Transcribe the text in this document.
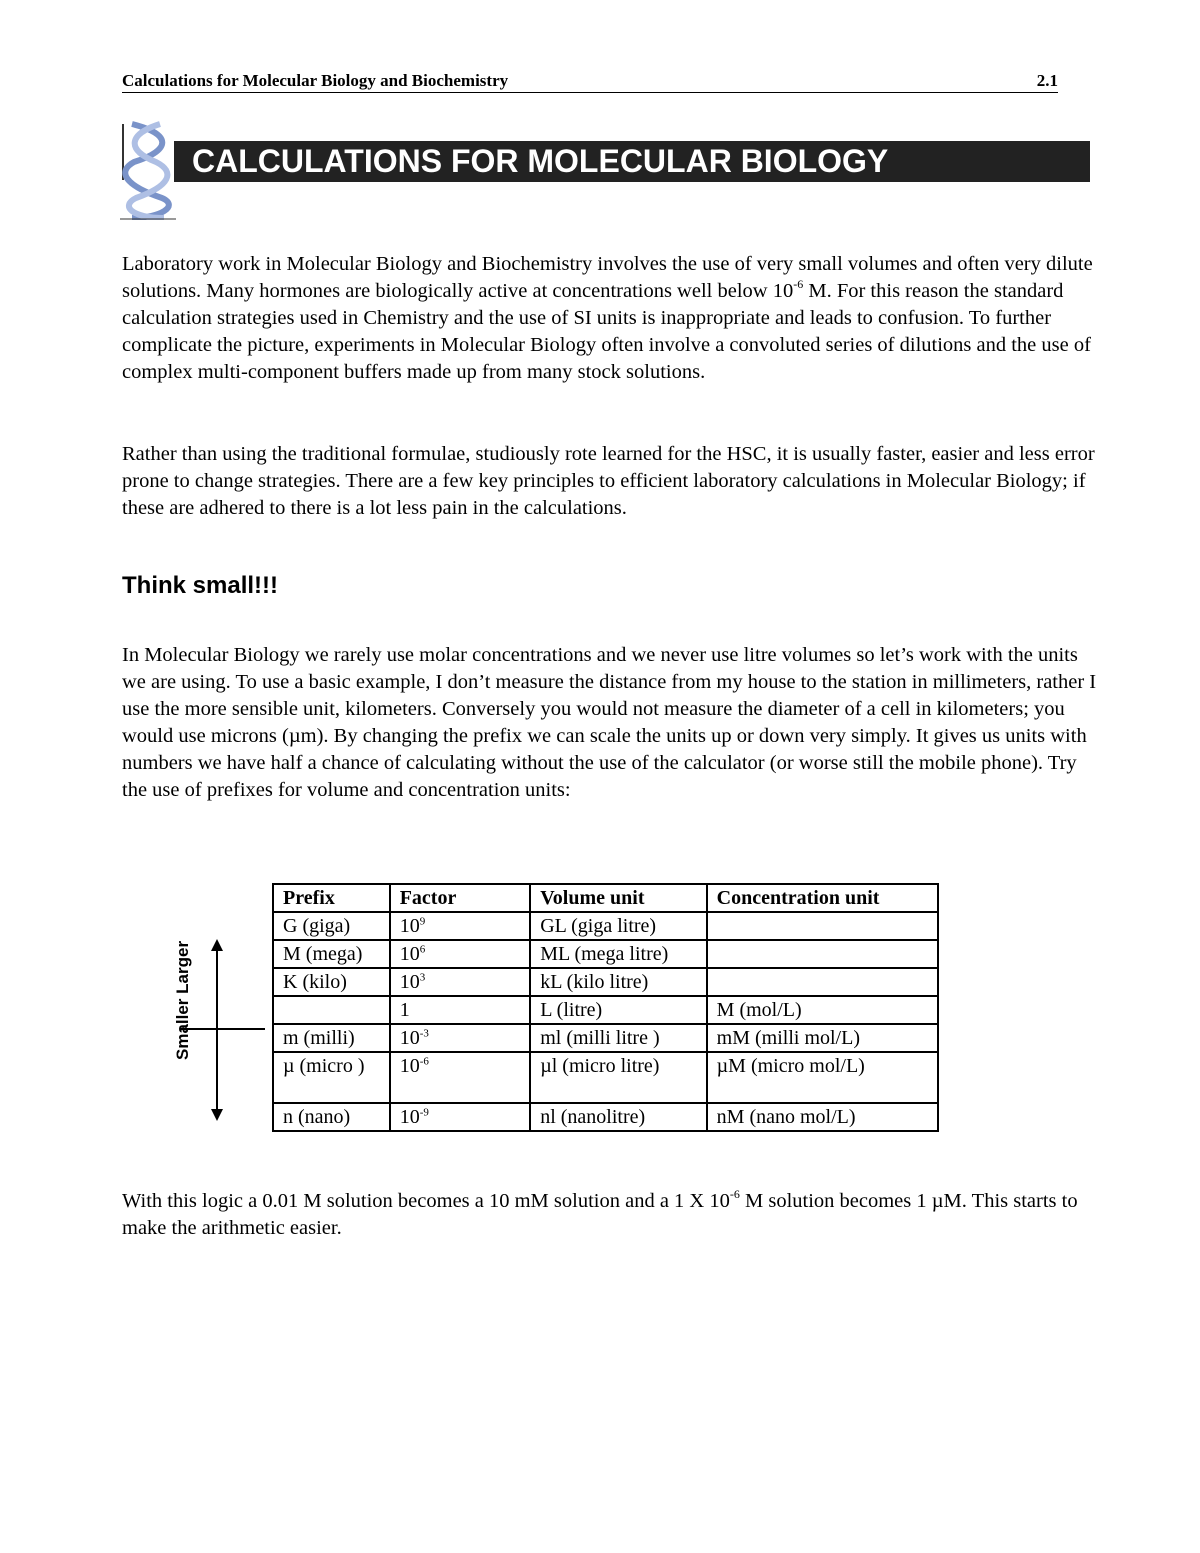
Calculations for Molecular Biology and Biochemistry	2.1
CALCULATIONS FOR MOLECULAR BIOLOGY

Laboratory work in Molecular Biology and Biochemistry involves the use of very small volumes and often very dilute solutions. Many hormones are biologically active at concentrations well below $10^{-6}$ M. For this reason the standard calculation strategies used in Chemistry and the use of SI units is inappropriate and leads to confusion. To further complicate the picture, experiments in Molecular Biology often involve a convoluted series of dilutions and the use of complex multi-component buffers made up from many stock solutions.

Rather than using the traditional formulae, studiously rote learned for the HSC, it is usually faster, easier and less error prone to change strategies. There are a few key principles to efficient laboratory calculations in Molecular Biology; if these are adhered to there is a lot less pain in the calculations.

Think small!!!

In Molecular Biology we rarely use molar concentrations and we never use litre volumes so let’s work with the units we are using. To use a basic example, I don’t measure the distance from my house to the station in millimeters, rather I use the more sensible unit, kilometers. Conversely you would not measure the diameter of a cell in kilometers; you would use microns (µm). By changing the prefix we can scale the units up or down very simply. It gives us units with numbers we have half a chance of calculating without the use of the calculator (or worse still the mobile phone). Try the use of prefixes for volume and concentration units:

Smaller Larger
Prefix	Factor	Volume unit	Concentration unit
G (giga)	$10^9$	GL (giga litre)	
M (mega)	$10^6$	ML (mega litre)	
K (kilo)	$10^3$	kL (kilo litre)	
	1	L (litre)	M (mol/L)
m (milli)	$10^{-3}$	ml (milli litre )	mM (milli mol/L)
µ (micro )	$10^{-6}$	µl (micro litre)	µM (micro mol/L)
n (nano)	$10^{-9}$	nl (nanolitre)	nM (nano mol/L)

With this logic a 0.01 M solution becomes a 10 mM solution and a 1 X $10^{-6}$ M solution becomes 1 µM. This starts to make the arithmetic easier.
